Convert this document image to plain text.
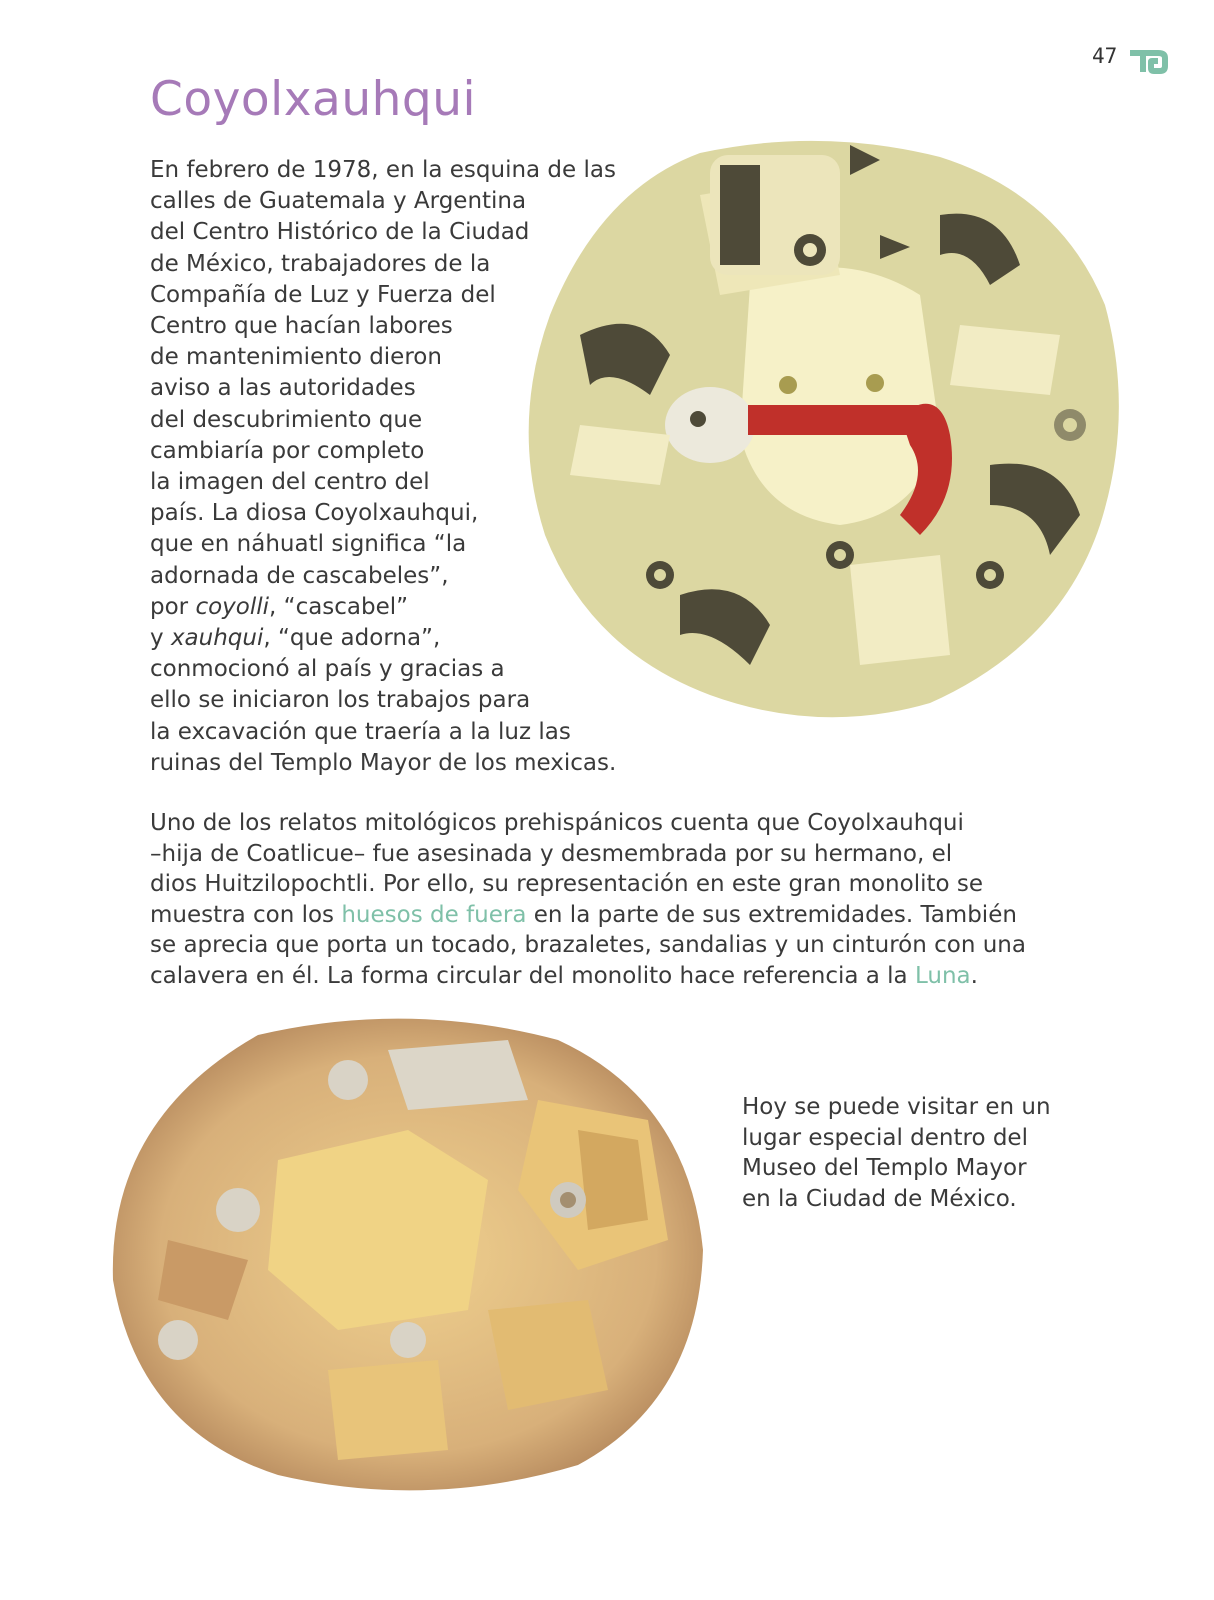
47
Coyolxauhqui
En febrero de 1978, en la esquina de las
calles de Guatemala y Argentina
del Centro Histórico de la Ciudad
de México, trabajadores de la
Compañía de Luz y Fuerza del
Centro que hacían labores
de mantenimiento dieron
aviso a las autoridades
del descubrimiento que
cambiaría por completo
la imagen del centro del
país. La diosa Coyolxauhqui,
que en náhuatl significa “la
adornada de cascabeles”,
por coyolli, “cascabel”
y xauhqui, “que adorna”,
conmocionó al país y gracias a
ello se iniciaron los trabajos para
la excavación que traería a la luz las
ruinas del Templo Mayor de los mexicas.
Uno de los relatos mitológicos prehispánicos cuenta que Coyolxauhqui
–hija de Coatlicue– fue asesinada y desmembrada por su hermano, el
dios Huitzilopochtli. Por ello, su representación en este gran monolito se
muestra con los huesos de fuera en la parte de sus extremidades. También
se aprecia que porta un tocado, brazaletes, sandalias y un cinturón con una
calavera en él. La forma circular del monolito hace referencia a la Luna.
Hoy se puede visitar en un
lugar especial dentro del
Museo del Templo Mayor
en la Ciudad de México.
